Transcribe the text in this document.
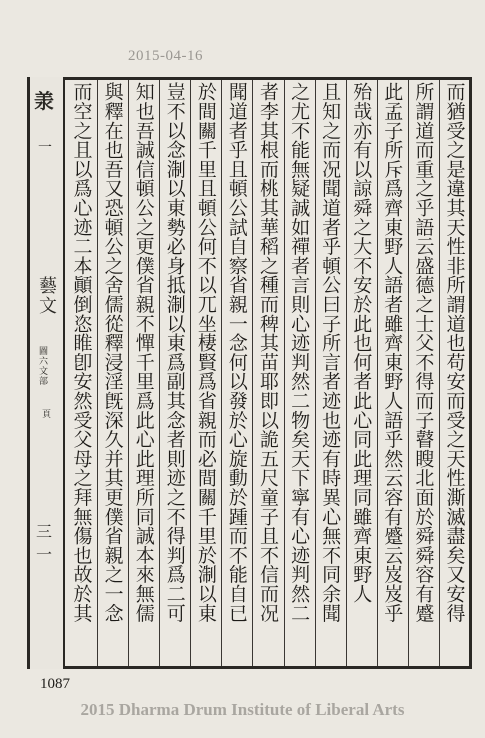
2015-04-16
𣴎
一
藝文
圖六文部
頁
三一	而猶受之是違其天性非所謂道也苟安而受之天性澌滅盡矣又安得
所謂道而重之乎語云盛德之士父不得而子瞽瞍北面於舜舜容有蹙
此孟子所斥爲齊東野人語者雖齊東野人語乎然云容有蹙云岌岌乎
殆哉亦有以諒舜之大不安於此也何者此心同此理同雖齊東野人
且知之而况聞道者乎頓公曰子所言者迹也迹有時異心無不同余聞
之尤不能無疑誠如禪者言則心迹判然二物矣天下寧有心迹判然二
者李其根而桃其華稻之種而稗其苗耶即以詭五尺童子且不信而况
聞道者乎且頓公試自察省親一念何以發於心旋動於踵而不能自已
於間關千里且頓公何不以兀坐棲賢爲省親而必間關千里於淛以東
豈不以念淛以東勢必身抵淛以東爲副其念者則迹之不得判爲二可
知也吾誠信頓公之更僕省親不憚千里爲此心此理所同誠本來無儒
與釋在也吾又恐頓公之舍儒從釋浸淫旣深久并其更僕省親之一念
而空之且以爲心迹二本顚倒恣睢卽安然受父母之拜無傷也故於其
1087
2015 Dharma Drum Institute of Liberal Arts
